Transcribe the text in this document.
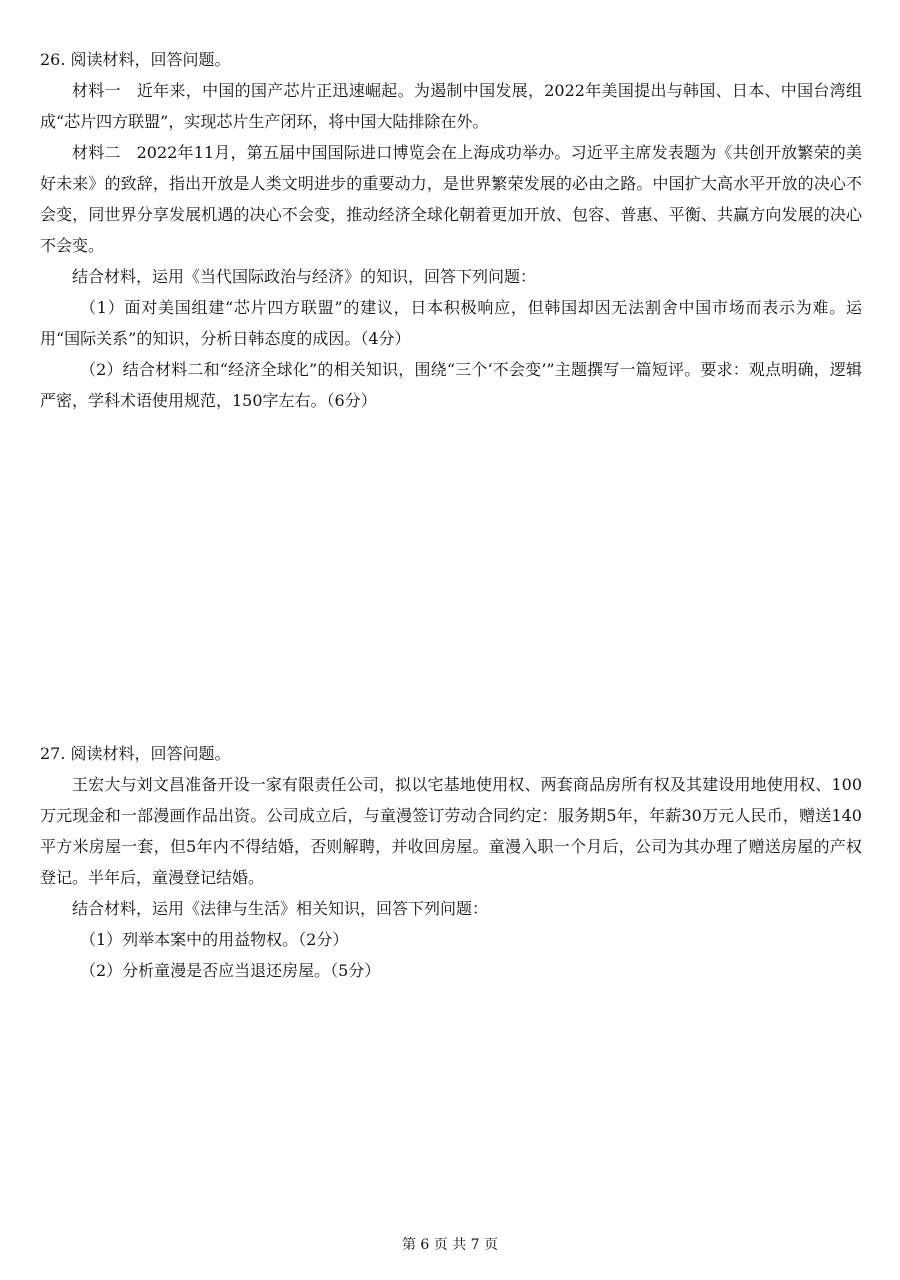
26. 阅读材料，回答问题。

材料一 近年来，中国的国产芯片正迅速崛起。为遏制中国发展，2022年美国提出与韩国、日本、中国台湾组成“芯片四方联盟”，实现芯片生产闭环，将中国大陆排除在外。

材料二 2022年11月，第五届中国国际进口博览会在上海成功举办。习近平主席发表题为《共创开放繁荣的美好未来》的致辞，指出开放是人类文明进步的重要动力，是世界繁荣发展的必由之路。中国扩大高水平开放的决心不会变，同世界分享发展机遇的决心不会变，推动经济全球化朝着更加开放、包容、普惠、平衡、共赢方向发展的决心不会变。

结合材料，运用《当代国际政治与经济》的知识，回答下列问题：

（1）面对美国组建“芯片四方联盟”的建议，日本积极响应，但韩国却因无法割舍中国市场而表示为难。运用“国际关系”的知识，分析日韩态度的成因。（4分）

（2）结合材料二和“经济全球化”的相关知识，围绕“三个‘不会变’”主题撰写一篇短评。要求：观点明确，逻辑严密，学科术语使用规范，150字左右。（6分）

27. 阅读材料，回答问题。

王宏大与刘文昌准备开设一家有限责任公司，拟以宅基地使用权、两套商品房所有权及其建设用地使用权、100万元现金和一部漫画作品出资。公司成立后，与童漫签订劳动合同约定：服务期5年，年薪30万元人民币，赠送140平方米房屋一套，但5年内不得结婚，否则解聘，并收回房屋。童漫入职一个月后，公司为其办理了赠送房屋的产权登记。半年后，童漫登记结婚。

结合材料，运用《法律与生活》相关知识，回答下列问题：

（1）列举本案中的用益物权。（2分）

（2）分析童漫是否应当退还房屋。（5分）

第 6 页 共 7 页
